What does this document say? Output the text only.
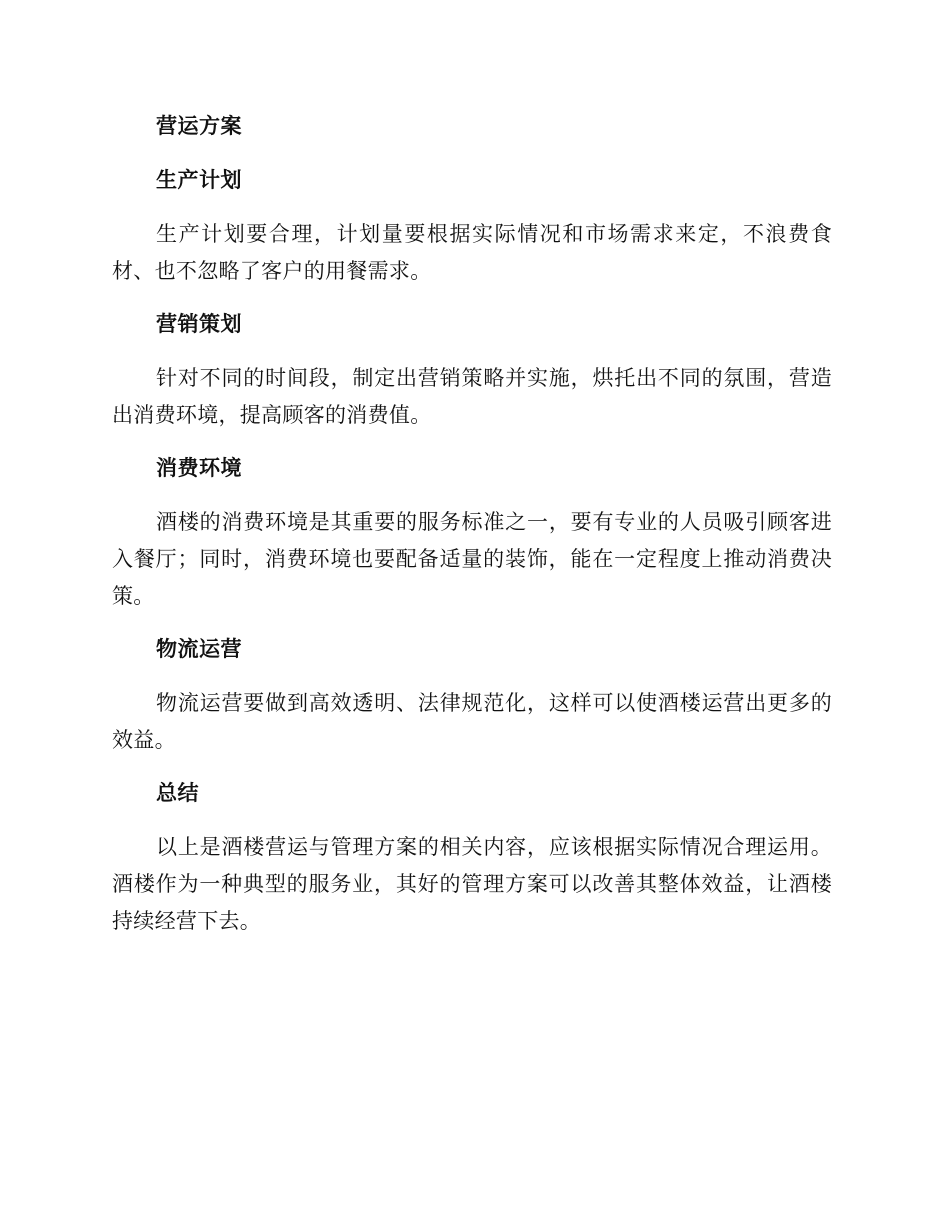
营运方案
生产计划

生产计划要合理，计划量要根据实际情况和市场需求来定，不浪费食材、也不忽略了客户的用餐需求。

营销策划

针对不同的时间段，制定出营销策略并实施，烘托出不同的氛围，营造出消费环境，提高顾客的消费值。

消费环境

酒楼的消费环境是其重要的服务标准之一，要有专业的人员吸引顾客进入餐厅；同时，消费环境也要配备适量的装饰，能在一定程度上推动消费决策。

物流运营

物流运营要做到高效透明、法律规范化，这样可以使酒楼运营出更多的效益。

总结

以上是酒楼营运与管理方案的相关内容，应该根据实际情况合理运用。酒楼作为一种典型的服务业，其好的管理方案可以改善其整体效益，让酒楼持续经营下去。
